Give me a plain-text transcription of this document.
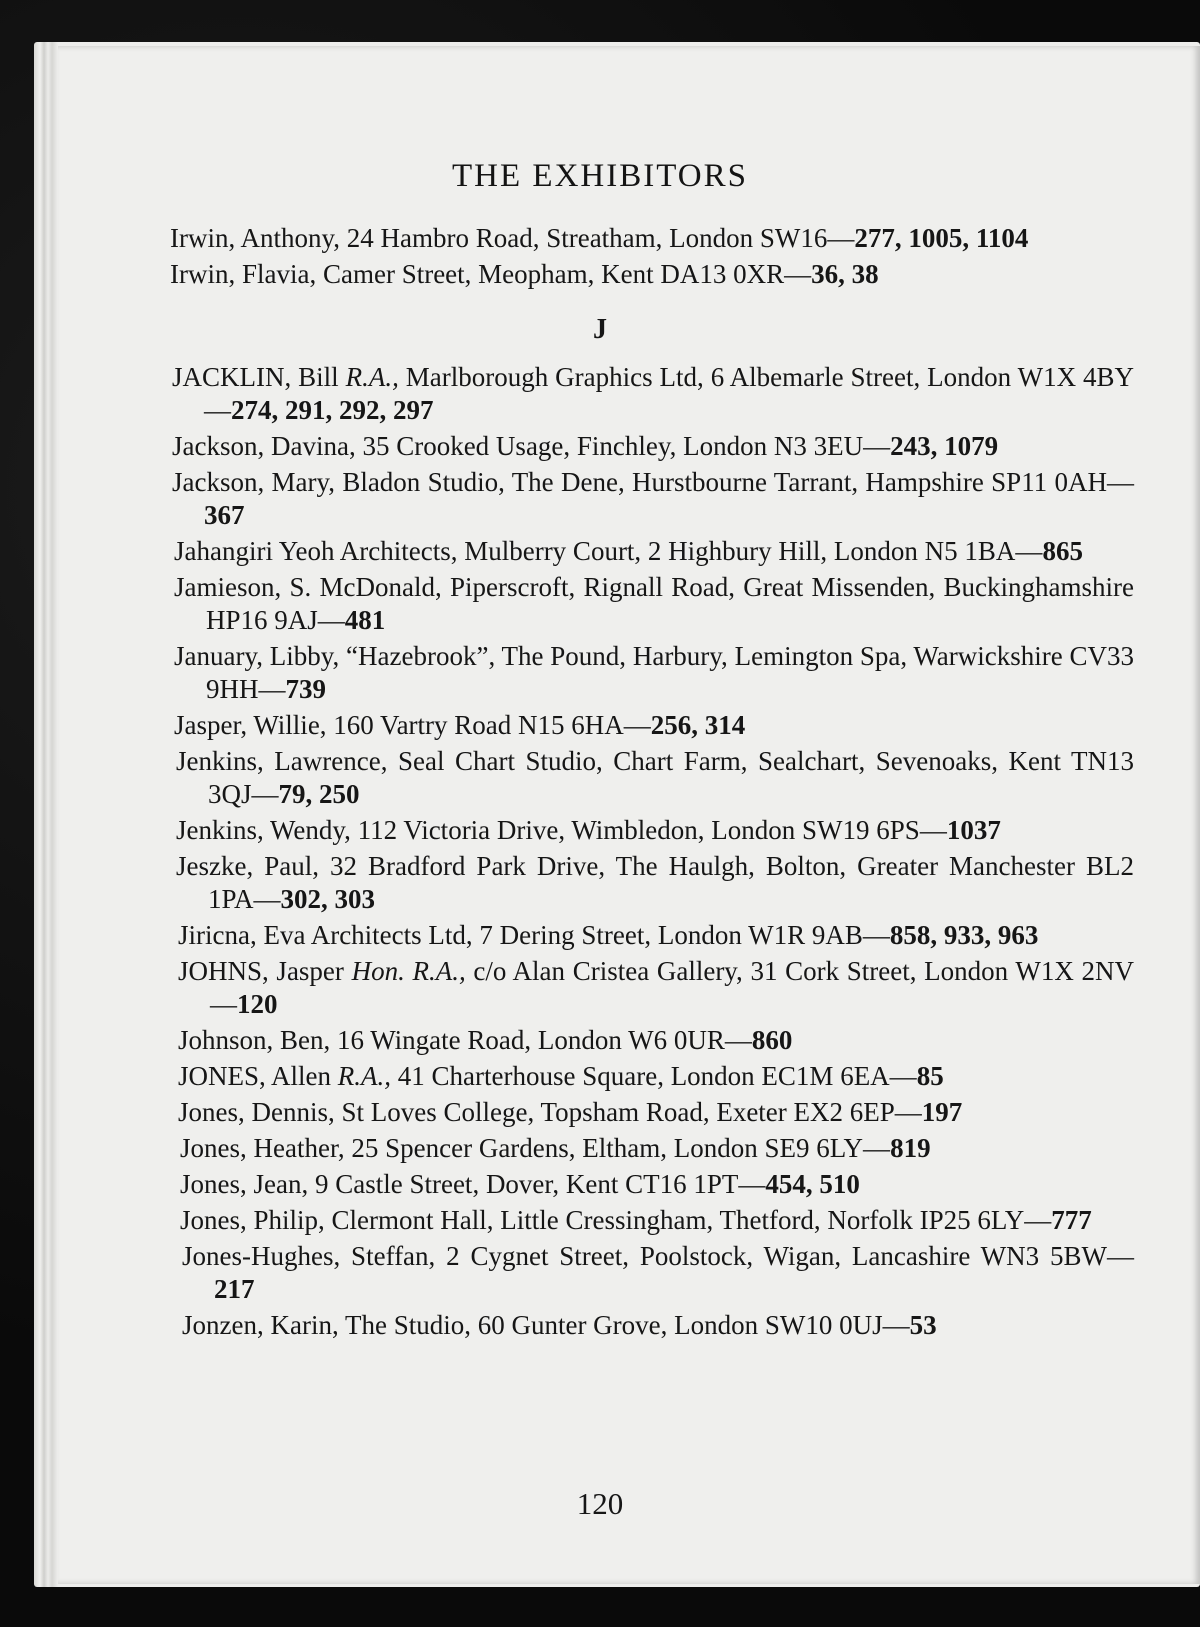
THE EXHIBITORS
Irwin, Anthony, 24 Hambro Road, Streatham, London SW16—277, 1005, 1104
Irwin, Flavia, Camer Street, Meopham, Kent DA13 0XR—36, 38
J
JACKLIN, Bill R.A., Marlborough Graphics Ltd, 6 Albemarle Street, London W1X 4BY—274, 291, 292, 297
Jackson, Davina, 35 Crooked Usage, Finchley, London N3 3EU—243, 1079
Jackson, Mary, Bladon Studio, The Dene, Hurstbourne Tarrant, Hampshire SP11 0AH—367
Jahangiri Yeoh Architects, Mulberry Court, 2 Highbury Hill, London N5 1BA—865
Jamieson, S. McDonald, Piperscroft, Rignall Road, Great Missenden, Buckinghamshire HP16 9AJ—481
January, Libby, “Hazebrook”, The Pound, Harbury, Lemington Spa, Warwickshire CV33 9HH—739
Jasper, Willie, 160 Vartry Road N15 6HA—256, 314
Jenkins, Lawrence, Seal Chart Studio, Chart Farm, Sealchart, Sevenoaks, Kent TN13 3QJ—79, 250
Jenkins, Wendy, 112 Victoria Drive, Wimbledon, London SW19 6PS—1037
Jeszke, Paul, 32 Bradford Park Drive, The Haulgh, Bolton, Greater Manchester BL2 1PA—302, 303
Jiricna, Eva Architects Ltd, 7 Dering Street, London W1R 9AB—858, 933, 963
JOHNS, Jasper Hon. R.A., c/o Alan Cristea Gallery, 31 Cork Street, London W1X 2NV—120
Johnson, Ben, 16 Wingate Road, London W6 0UR—860
JONES, Allen R.A., 41 Charterhouse Square, London EC1M 6EA—85
Jones, Dennis, St Loves College, Topsham Road, Exeter EX2 6EP—197
Jones, Heather, 25 Spencer Gardens, Eltham, London SE9 6LY—819
Jones, Jean, 9 Castle Street, Dover, Kent CT16 1PT—454, 510
Jones, Philip, Clermont Hall, Little Cressingham, Thetford, Norfolk IP25 6LY—777
Jones-Hughes, Steffan, 2 Cygnet Street, Poolstock, Wigan, Lancashire WN3 5BW—217
Jonzen, Karin, The Studio, 60 Gunter Grove, London SW10 0UJ—53
120
